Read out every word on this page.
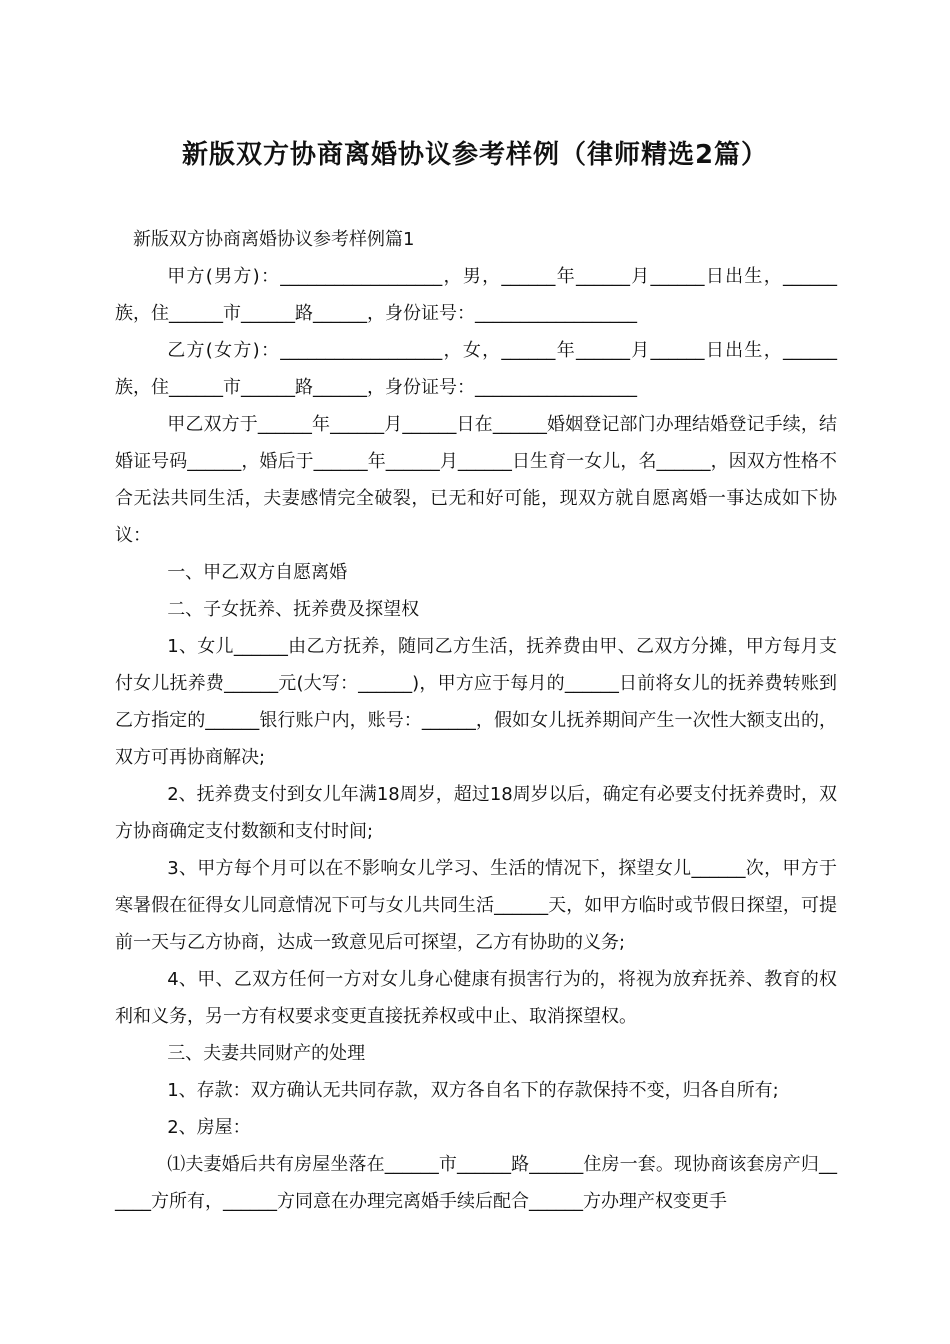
新版双方协商离婚协议参考样例（律师精选2篇）

新版双方协商离婚协议参考样例篇1

甲方(男方)：__________________，男，______年______月______日出生，______族，住______市______路______，身份证号：__________________

乙方(女方)：__________________，女，______年______月______日出生，______族，住______市______路______，身份证号：__________________

甲乙双方于______年______月______日在______婚姻登记部门办理结婚登记手续，结婚证号码______，婚后于______年______月______日生育一女儿，名______，因双方性格不合无法共同生活，夫妻感情完全破裂，已无和好可能，现双方就自愿离婚一事达成如下协议：

一、甲乙双方自愿离婚

二、子女抚养、抚养费及探望权

1、女儿______由乙方抚养，随同乙方生活，抚养费由甲、乙双方分摊，甲方每月支付女儿抚养费______元(大写：______)，甲方应于每月的______日前将女儿的抚养费转账到乙方指定的______银行账户内，账号：______，假如女儿抚养期间产生一次性大额支出的，双方可再协商解决;

2、抚养费支付到女儿年满18周岁，超过18周岁以后，确定有必要支付抚养费时，双方协商确定支付数额和支付时间;

3、甲方每个月可以在不影响女儿学习、生活的情况下，探望女儿______次，甲方于寒暑假在征得女儿同意情况下可与女儿共同生活______天，如甲方临时或节假日探望，可提前一天与乙方协商，达成一致意见后可探望，乙方有协助的义务;

4、甲、乙双方任何一方对女儿身心健康有损害行为的，将视为放弃抚养、教育的权利和义务，另一方有权要求变更直接抚养权或中止、取消探望权。

三、夫妻共同财产的处理

1、存款：双方确认无共同存款，双方各自名下的存款保持不变，归各自所有;

2、房屋：

⑴夫妻婚后共有房屋坐落在______市______路______住房一套。现协商该套房产归______方所有，______方同意在办理完离婚手续后配合______方办理产权变更手
